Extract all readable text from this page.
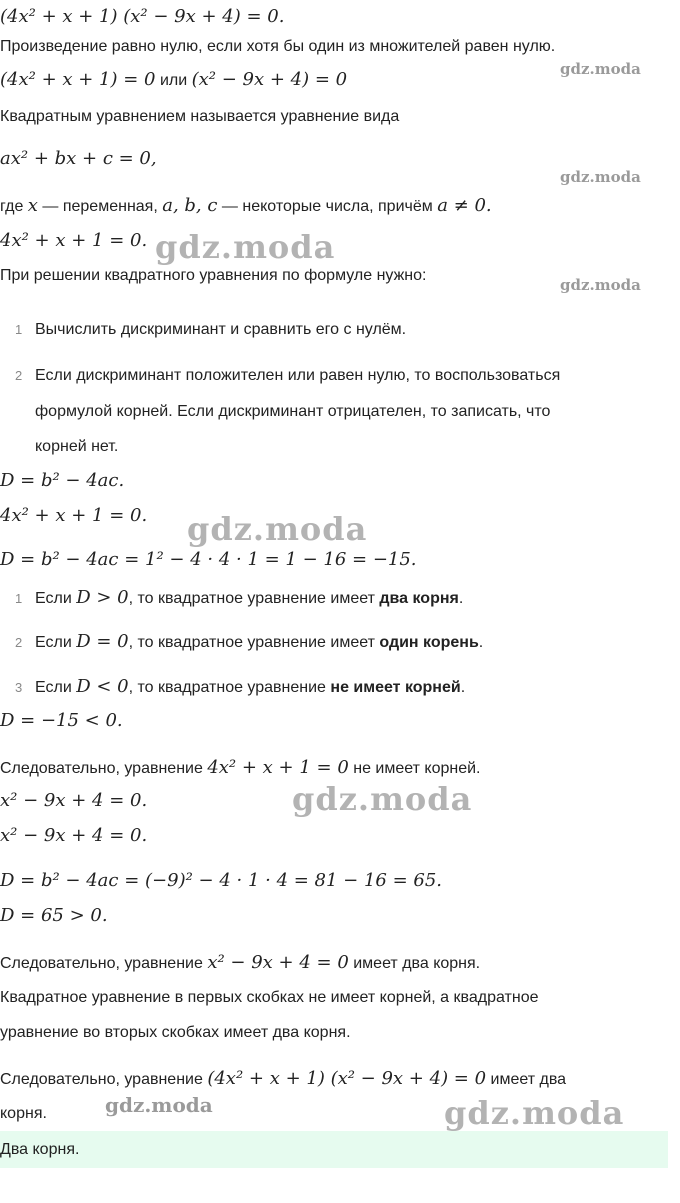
(4x² + x + 1) (x² − 9x + 4) = 0.
Произведение равно нулю, если хотя бы один из множителей равен нулю.
(4x² + x + 1) = 0 или (x² − 9x + 4) = 0
Квадратным уравнением называется уравнение вида
ax² + bx + c = 0,
где x — переменная, a, b, c — некоторые числа, причём a ≠ 0.
4x² + x + 1 = 0.
При решении квадратного уравнения по формуле нужно:
1 Вычислить дискриминант и сравнить его с нулём.
2 Если дискриминант положителен или равен нулю, то воспользоваться
формулой корней. Если дискриминант отрицателен, то записать, что
корней нет.
D = b² − 4ac.
4x² + x + 1 = 0.
D = b² − 4ac = 1² − 4 · 4 · 1 = 1 − 16 = −15.
1 Если D > 0, то квадратное уравнение имеет два корня.
2 Если D = 0, то квадратное уравнение имеет один корень.
3 Если D < 0, то квадратное уравнение не имеет корней.
D = −15 < 0.
Следовательно, уравнение 4x² + x + 1 = 0 не имеет корней.
x² − 9x + 4 = 0.
x² − 9x + 4 = 0.
D = b² − 4ac = (−9)² − 4 · 1 · 4 = 81 − 16 = 65.
D = 65 > 0.
Следовательно, уравнение x² − 9x + 4 = 0 имеет два корня.
Квадратное уравнение в первых скобках не имеет корней, а квадратное
уравнение во вторых скобках имеет два корня.
Следовательно, уравнение (4x² + x + 1) (x² − 9x + 4) = 0 имеет два
корня.
Два корня.
gdz.moda
gdz.moda
gdz.moda
gdz.moda
gdz.moda
gdz.moda
gdz.moda	gdz.moda
